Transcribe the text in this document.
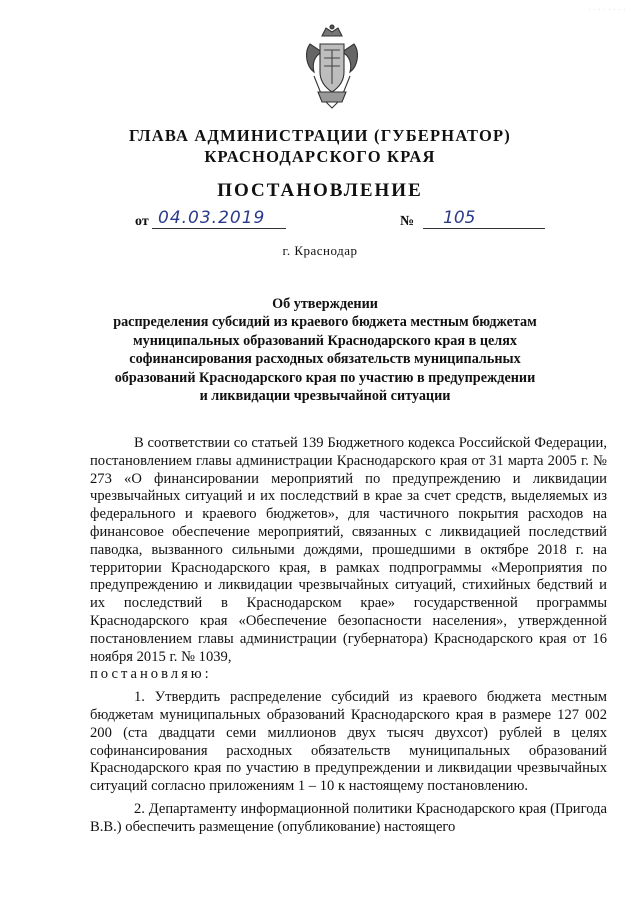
· · · · · · · ·
ГЛАВА АДМИНИСТРАЦИИ (ГУБЕРНАТОР)
КРАСНОДАРСКОГО КРАЯ
ПОСТАНОВЛЕНИЕ
от 04.03.2019	№	105
г. Краснодар
Об утверждении
распределения субсидий из краевого бюджета местным бюджетам
муниципальных образований Краснодарского края в целях
софинансирования расходных обязательств муниципальных
образований Краснодарского края по участию в предупреждении
и ликвидации чрезвычайной ситуации

В соответствии со статьей 139 Бюджетного кодекса Российской Федерации, постановлением главы администрации Краснодарского края от 31 марта 2005 г. № 273 «О финансировании мероприятий по предупреждению и ликвидации чрезвычайных ситуаций и их последствий в крае за счет средств, выделяемых из федерального и краевого бюджетов», для частичного покрытия расходов на финансовое обеспечение мероприятий, связанных с ликвидацией последствий паводка, вызванного сильными дождями, прошедшими в октябре 2018 г. на территории Краснодарского края, в рамках подпрограммы «Мероприятия по предупреждению и ликвидации чрезвычайных ситуаций, стихийных бедствий и их последствий в Краснодарском крае» государственной программы Краснодарского края «Обеспечение безопасности населения», утвержденной постановлением главы администрации (губернатора) Краснодарского края от 16 ноября 2015 г. № 1039,
постановляю:

1. Утвердить распределение субсидий из краевого бюджета местным бюджетам муниципальных образований Краснодарского края в размере 127 002 200 (ста двадцати семи миллионов двух тысяч двухсот) рублей в целях софинансирования расходных обязательств муниципальных образований Краснодарского края по участию в предупреждении и ликвидации чрезвычайных ситуаций согласно приложениям 1 – 10 к настоящему постановлению.

2. Департаменту информационной политики Краснодарского края (Пригода В.В.) обеспечить размещение (опубликование) настоящего
